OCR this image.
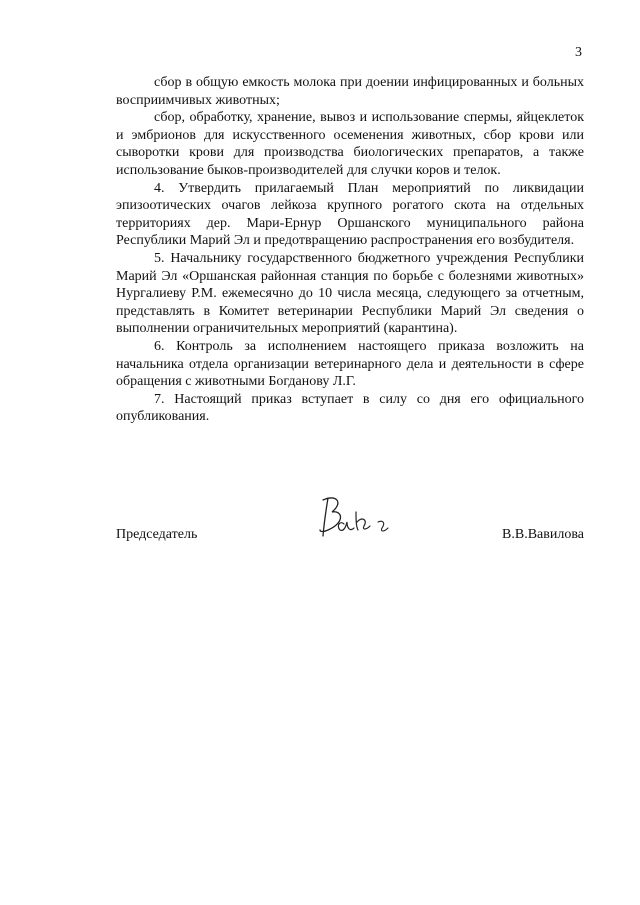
3

сбор в общую емкость молока при доении инфицированных и больных восприимчивых животных;

сбор, обработку, хранение, вывоз и использование спермы, яйцеклеток и эмбрионов для искусственного осеменения животных, сбор крови или сыворотки крови для производства биологических препаратов, а также использование быков-производителей для случки коров и телок.

4. Утвердить прилагаемый План мероприятий по ликвидации эпизоотических очагов лейкоза крупного рогатого скота на отдельных территориях дер. Мари-Ернур Оршанского муниципального района Республики Марий Эл и предотвращению распространения его возбудителя.

5. Начальнику государственного бюджетного учреждения Республики Марий Эл «Оршанская районная станция по борьбе с болезнями животных» Нургалиеву Р.М. ежемесячно до 10 числа месяца, следующего за отчетным, представлять в Комитет ветеринарии Республики Марий Эл сведения о выполнении ограничительных мероприятий (карантина).

6. Контроль за исполнением настоящего приказа возложить на начальника отдела организации ветеринарного дела и деятельности в сфере обращения с животными Богданову Л.Г.

7. Настоящий приказ вступает в силу со дня его официального опубликования.

Председатель	В.В.Вавилова
